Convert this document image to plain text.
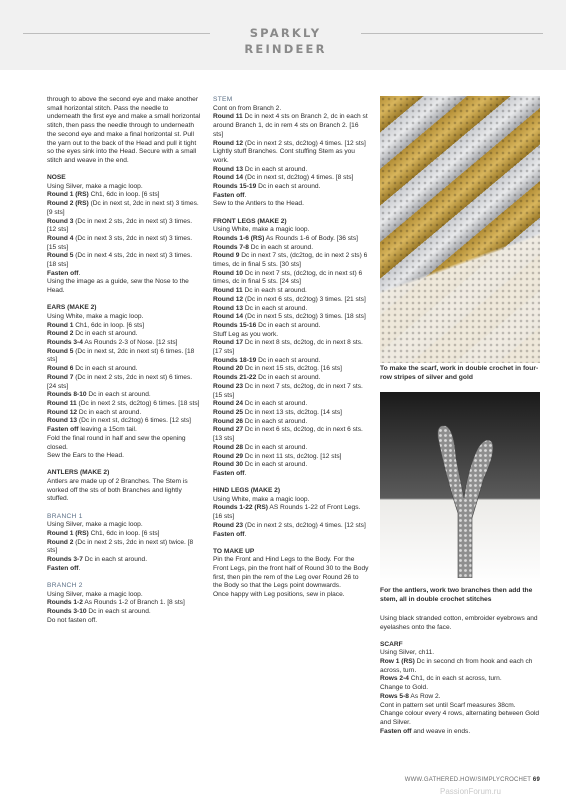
SPARKLY REINDEER

through to above the second eye and make another small horizontal stitch. Pass the needle to underneath the first eye and make a small horizontal stitch, then pass the needle through to underneath the second eye and make a final horizontal st. Pull the yarn out to the back of the Head and pull it tight so the eyes sink into the Head. Secure with a small stitch and weave in the end.

NOSE

Using Silver, make a magic loop.

Round 1 (RS) Ch1, 6dc in loop. [6 sts]

Round 2 (RS) (Dc in next st, 2dc in next st) 3 times. [9 sts]

Round 3 (Dc in next 2 sts, 2dc in next st) 3 times. [12 sts]

Round 4 (Dc in next 3 sts, 2dc in next st) 3 times. [15 sts]

Round 5 (Dc in next 4 sts, 2dc in next st) 3 times. [18 sts]

Fasten off.

Using the image as a guide, sew the Nose to the Head.

EARS (MAKE 2)

Using White, make a magic loop.

Round 1 Ch1, 6dc in loop. [6 sts]

Round 2 Dc in each st around.

Rounds 3-4 As Rounds 2-3 of Nose. [12 sts]

Round 5 (Dc in next st, 2dc in next st) 6 times. [18 sts]

Round 6 Dc in each st around.

Round 7 (Dc in next 2 sts, 2dc in next st) 6 times. [24 sts]

Rounds 8-10 Dc in each st around.

Round 11 (Dc in next 2 sts, dc2tog) 6 times. [18 sts]

Round 12 Dc in each st around.

Round 13 (Dc in next st, dc2tog) 6 times. [12 sts]

Fasten off leaving a 15cm tail.

Fold the final round in half and sew the opening closed.

Sew the Ears to the Head.

ANTLERS (MAKE 2)

Antlers are made up of 2 Branches. The Stem is worked off the sts of both Branches and lightly stuffed.

BRANCH 1

Using Silver, make a magic loop.

Round 1 (RS) Ch1, 6dc in loop. [6 sts]

Round 2 (Dc in next 2 sts, 2dc in next st) twice. [8 sts]

Rounds 3-7 Dc in each st around.

Fasten off.

BRANCH 2

Using Silver, make a magic loop.

Rounds 1-2 As Rounds 1-2 of Branch 1. [8 sts]

Rounds 3-10 Dc in each st around.

Do not fasten off.

STEM

Cont on from Branch 2.

Round 11 Dc in next 4 sts on Branch 2, dc in each st around Branch 1, dc in rem 4 sts on Branch 2. [16 sts]

Round 12 (Dc in next 2 sts, dc2tog) 4 times. [12 sts]

Lightly stuff Branches. Cont stuffing Stem as you work.

Round 13 Dc in each st around.

Round 14 (Dc in next st, dc2tog) 4 times. [8 sts]

Rounds 15-19 Dc in each st around.

Fasten off.

Sew to the Antlers to the Head.

FRONT LEGS (MAKE 2)

Using White, make a magic loop.

Rounds 1-6 (RS) As Rounds 1-6 of Body. [36 sts]

Rounds 7-8 Dc in each st around.

Round 9 Dc in next 7 sts, (dc2tog, dc in next 2 sts) 6 times, dc in final 5 sts. [30 sts]

Round 10 Dc in next 7 sts, (dc2tog, dc in next st) 6 times, dc in final 5 sts. [24 sts]

Round 11 Dc in each st around.

Round 12 (Dc in next 6 sts, dc2tog) 3 times. [21 sts]

Round 13 Dc in each st around.

Round 14 (Dc in next 5 sts, dc2tog) 3 times. [18 sts]

Rounds 15-16 Dc in each st around.

Stuff Leg as you work.

Round 17 Dc in next 8 sts, dc2tog, dc in next 8 sts. [17 sts]

Rounds 18-19 Dc in each st around.

Round 20 Dc in next 15 sts, dc2tog. [16 sts]

Rounds 21-22 Dc in each st around.

Round 23 Dc in next 7 sts, dc2tog, dc in next 7 sts. [15 sts]

Round 24 Dc in each st around.

Round 25 Dc in next 13 sts, dc2tog. [14 sts]

Round 26 Dc in each st around.

Round 27 Dc in next 6 sts, dc2tog, dc in next 6 sts. [13 sts]

Round 28 Dc in each st around.

Round 29 Dc in next 11 sts, dc2tog. [12 sts]

Round 30 Dc in each st around.

Fasten off.

HIND LEGS (MAKE 2)

Using White, make a magic loop.

Rounds 1-22 (RS) AS Rounds 1-22 of Front Legs. [16 sts]

Round 23 (Dc in next 2 sts, dc2tog) 4 times. [12 sts]

Fasten off.

TO MAKE UP

Pin the Front and Hind Legs to the Body. For the Front Legs, pin the front half of Round 30 to the Body first, then pin the rem of the Leg over Round 26 to the Body so that the Legs point downwards.

Once happy with Leg positions, sew in place.

To make the scarf, work in double crochet in four-row stripes of silver and gold

For the antlers, work two branches then add the stem, all in double crochet stitches

Using black stranded cotton, embroider eyebrows and eyelashes onto the face.

SCARF

Using Silver, ch11.

Row 1 (RS) Dc in second ch from hook and each ch across, turn.

Rows 2-4 Ch1, dc in each st across, turn.

Change to Gold.

Rows 5-8 As Row 2.

Cont in pattern set until Scarf measures 38cm.

Change colour every 4 rows, alternating between Gold and Silver.

Fasten off and weave in ends.

WWW.GATHERED.HOW/SIMPLYCROCHET 69
PassionForum.ru
